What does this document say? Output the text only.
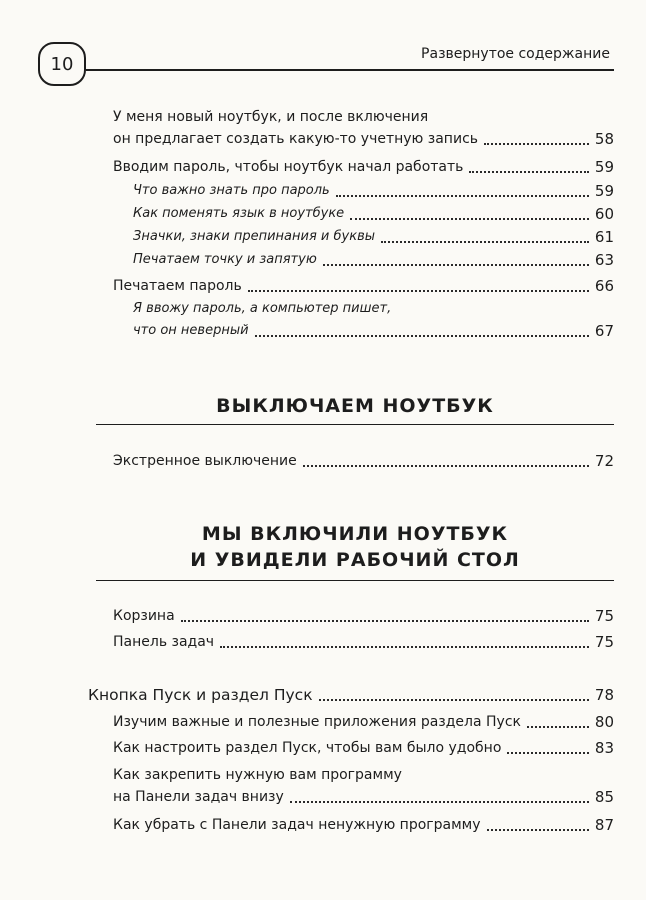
10	Развернутое содержание
У меня новый ноутбук, и после включения
он предлагает создать какую-то учетную запись	58
Вводим пароль, чтобы ноутбук начал работать	59
Что важно знать про пароль	59
Как поменять язык в ноутбуке	60
Значки, знаки препинания и буквы	61
Печатаем точку и запятую	63
Печатаем пароль	66
Я ввожу пароль, а компьютер пишет,
что он неверный	67
ВЫКЛЮЧАЕМ НОУТБУК
Экстренное выключение	72
МЫ ВКЛЮЧИЛИ НОУТБУК
И УВИДЕЛИ РАБОЧИЙ СТОЛ
Корзина	75
Панель задач	75
Кнопка Пуск и раздел Пуск	78
Изучим важные и полезные приложения раздела Пуск	80
Как настроить раздел Пуск, чтобы вам было удобно	83
Как закрепить нужную вам программу
на Панели задач внизу	85
Как убрать с Панели задач ненужную программу	87
